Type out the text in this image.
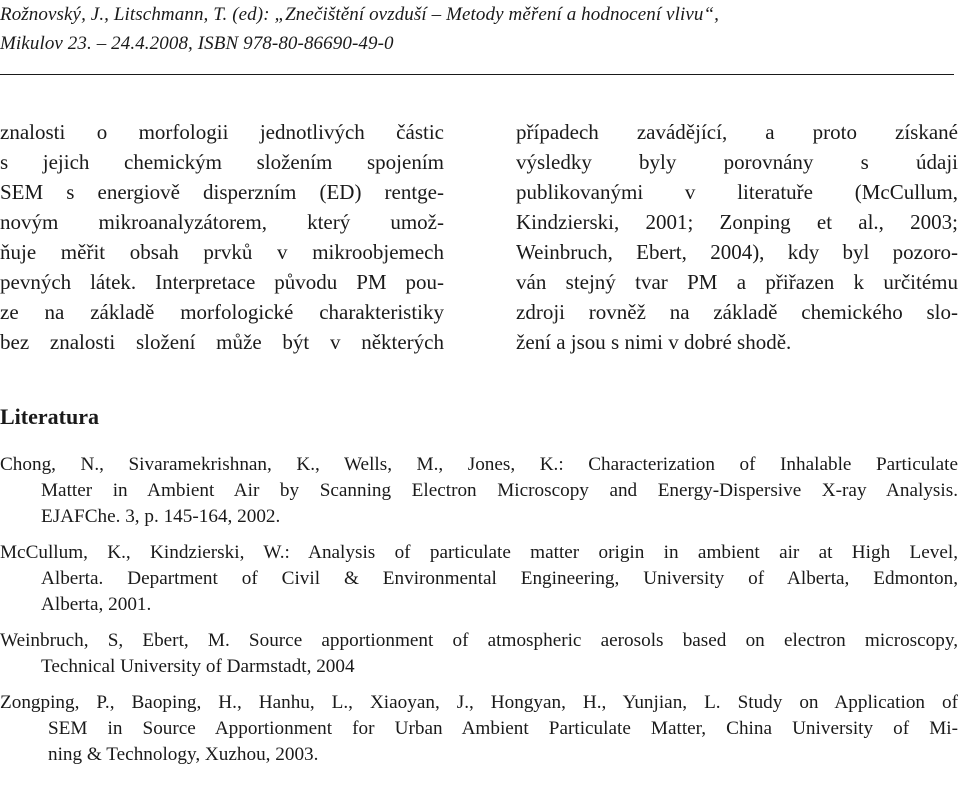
Rožnovský, J., Litschmann, T. (ed): „Znečištění ovzduší – Metody měření a hodnocení vlivu“,
Mikulov 23. – 24.4.2008, ISBN 978-80-86690-49-0
znalosti o morfologii jednotlivých částic
s jejich chemickým složením spojením
SEM s energiově disperzním (ED) rentge-
novým mikroanalyzátorem, který umož-
ňuje měřit obsah prvků v mikroobjemech
pevných látek. Interpretace původu PM pou-
ze na základě morfologické charakteristiky
bez znalosti složení může být v některých
případech zavádějící, a proto získané
výsledky byly porovnány s údaji
publikovanými v literatuře (McCullum,
Kindzierski, 2001; Zonping et al., 2003;
Weinbruch, Ebert, 2004), kdy byl pozoro-
ván stejný tvar PM a přiřazen k určitému
zdroji rovněž na základě chemického slo-
žení a jsou s nimi v dobré shodě.
Literatura
Chong, N., Sivaramekrishnan, K., Wells, M., Jones, K.: Characterization of Inhalable Particulate
Matter in Ambient Air by Scanning Electron Microscopy and Energy-Dispersive X-ray Analysis.
EJAFChe. 3, p. 145-164, 2002.
McCullum, K., Kindzierski, W.: Analysis of particulate matter origin in ambient air at High Level,
Alberta. Department of Civil & Environmental Engineering, University of Alberta, Edmonton,
Alberta, 2001.
Weinbruch, S, Ebert, M. Source apportionment of atmospheric aerosols based on electron microscopy,
Technical University of Darmstadt, 2004
Zongping, P., Baoping, H., Hanhu, L., Xiaoyan, J., Hongyan, H., Yunjian, L. Study on Application of
SEM in Source Apportionment for Urban Ambient Particulate Matter, China University of Mi-
ning & Technology, Xuzhou, 2003.
